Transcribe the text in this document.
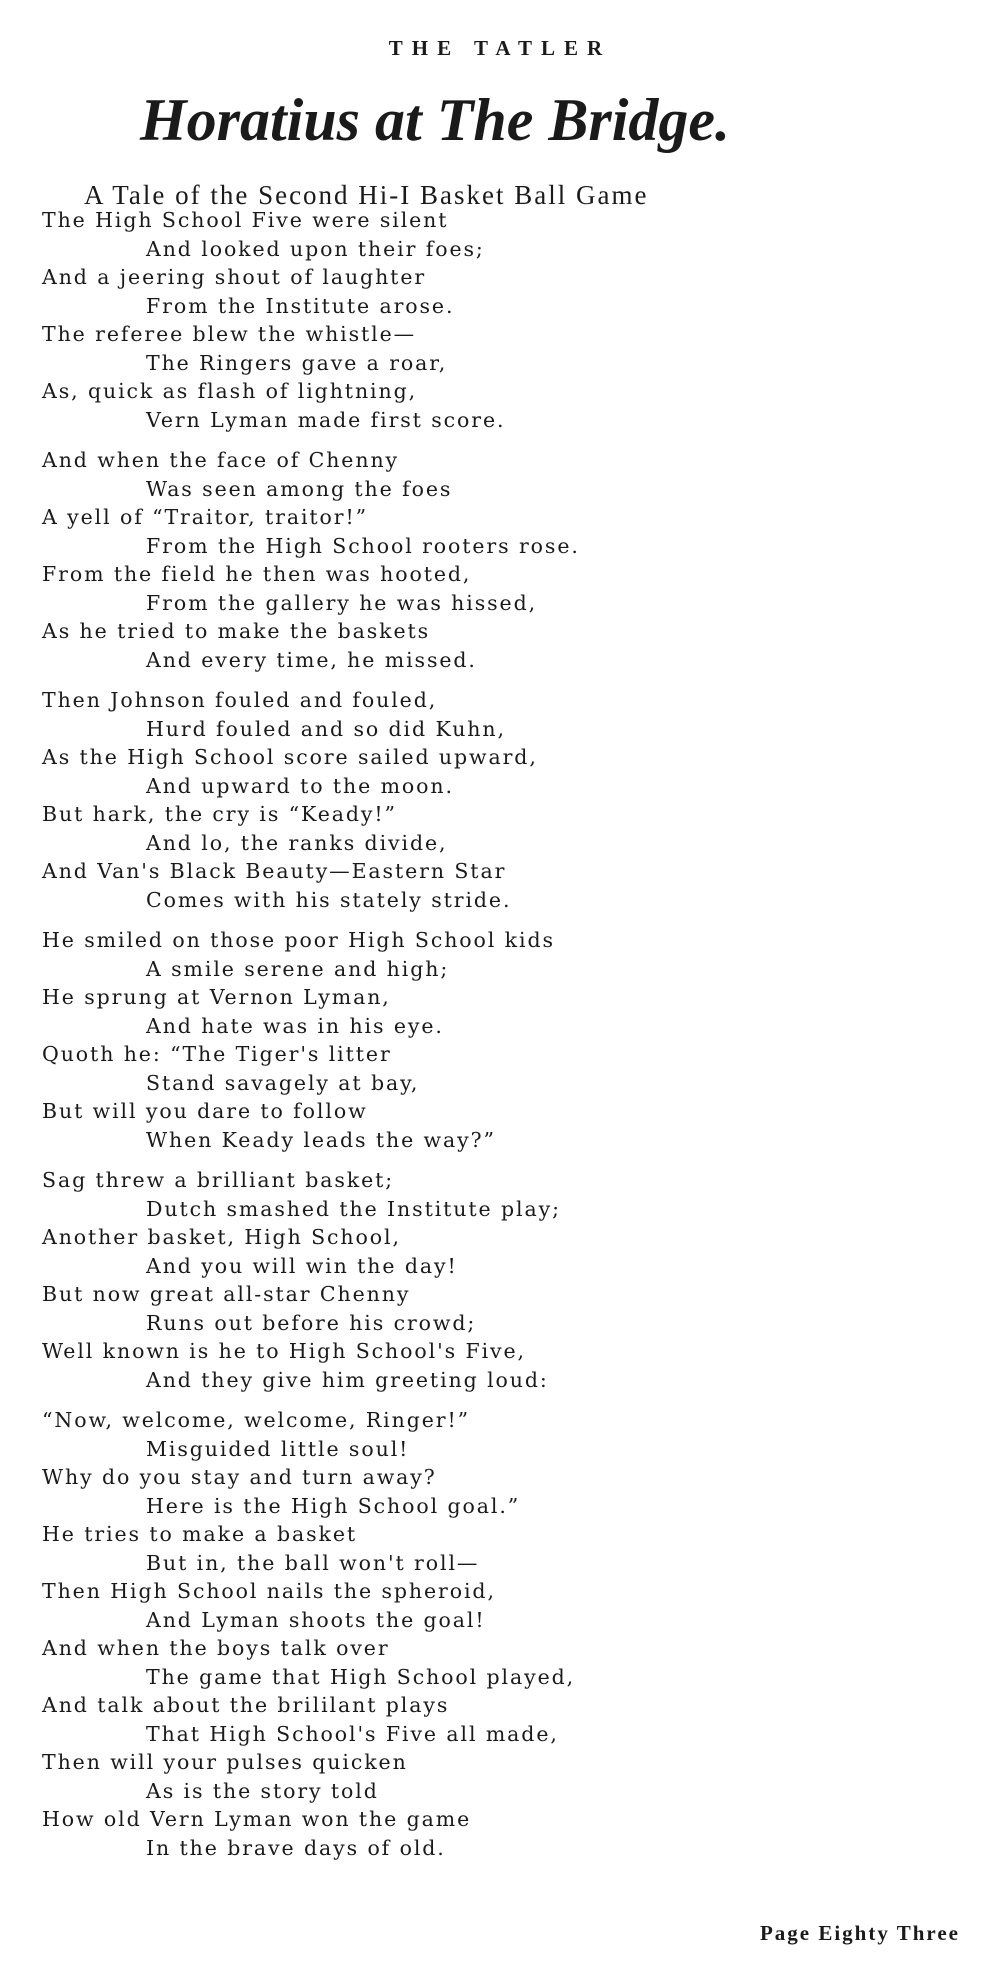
THE TATLER
Horatius at The Bridge.
A Tale of the Second Hi-I Basket Ball Game
The High School Five were silent
And looked upon their foes;
And a jeering shout of laughter
From the Institute arose.
The referee blew the whistle—
The Ringers gave a roar,
As, quick as flash of lightning,
Vern Lyman made first score.
And when the face of Chenny
Was seen among the foes
A yell of “Traitor, traitor!”
From the High School rooters rose.
From the field he then was hooted,
From the gallery he was hissed,
As he tried to make the baskets
And every time, he missed.
Then Johnson fouled and fouled,
Hurd fouled and so did Kuhn,
As the High School score sailed upward,
And upward to the moon.
But hark, the cry is “Keady!”
And lo, the ranks divide,
And Van's Black Beauty—Eastern Star
Comes with his stately stride.
He smiled on those poor High School kids
A smile serene and high;
He sprung at Vernon Lyman,
And hate was in his eye.
Quoth he: “The Tiger's litter
Stand savagely at bay,
But will you dare to follow
When Keady leads the way?”
Sag threw a brilliant basket;
Dutch smashed the Institute play;
Another basket, High School,
And you will win the day!
But now great all-star Chenny
Runs out before his crowd;
Well known is he to High School's Five,
And they give him greeting loud:
“Now, welcome, welcome, Ringer!”
Misguided little soul!
Why do you stay and turn away?
Here is the High School goal.”
He tries to make a basket
But in, the ball won't roll—
Then High School nails the spheroid,
And Lyman shoots the goal!
And when the boys talk over
The game that High School played,
And talk about the brililant plays
That High School's Five all made,
Then will your pulses quicken
As is the story told
How old Vern Lyman won the game
In the brave days of old.
Page Eighty Three
